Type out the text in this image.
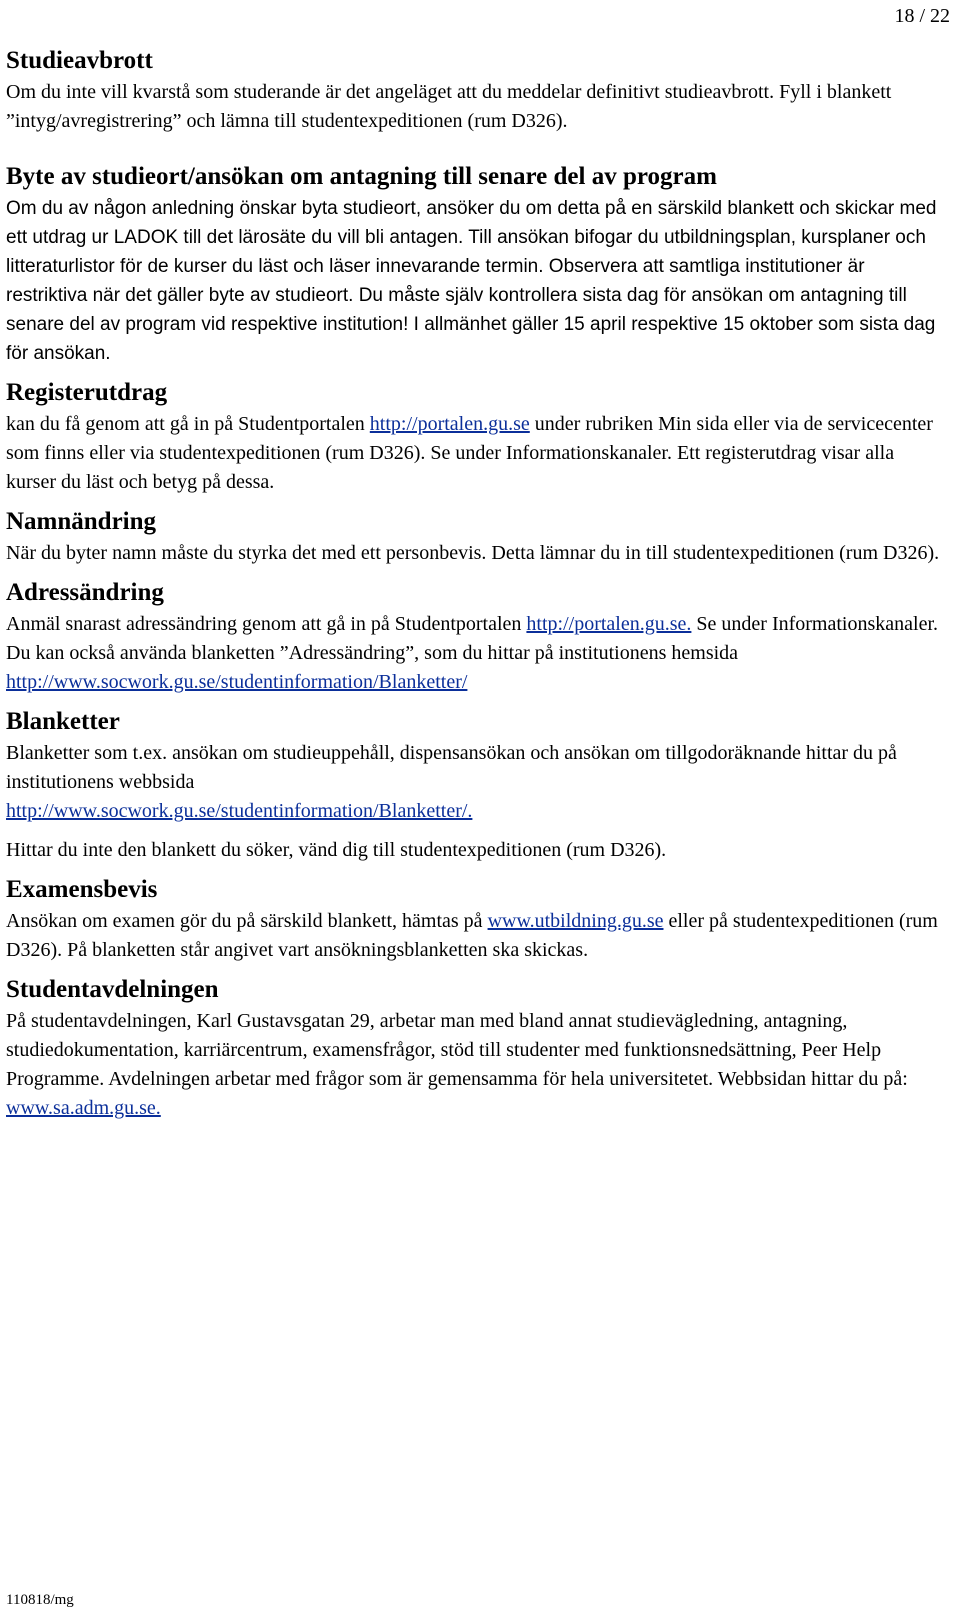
18 / 22
Studieavbrott

Om du inte vill kvarstå som studerande är det angeläget att du meddelar definitivt studieavbrott. Fyll i blankett ”intyg/avregistrering” och lämna till studentexpeditionen (rum D326).

Byte av studieort/ansökan om antagning till senare del av program

Om du av någon anledning önskar byta studieort, ansöker du om detta på en särskild blankett och skickar med ett utdrag ur LADOK till det lärosäte du vill bli antagen. Till ansökan bifogar du utbildningsplan, kursplaner och litteraturlistor för de kurser du läst och läser innevarande termin. Observera att samtliga institutioner är restriktiva när det gäller byte av studieort. Du måste själv kontrollera sista dag för ansökan om antagning till senare del av program vid respektive institution! I allmänhet gäller 15 april respektive 15 oktober som sista dag för ansökan.

Registerutdrag

kan du få genom att gå in på Studentportalen http://portalen.gu.se under rubriken Min sida eller via de servicecenter som finns eller via studentexpeditionen (rum D326). Se under Informationskanaler. Ett registerutdrag visar alla kurser du läst och betyg på dessa.

Namnändring

När du byter namn måste du styrka det med ett personbevis. Detta lämnar du in till studentexpeditionen (rum D326).

Adressändring

Anmäl snarast adressändring genom att gå in på Studentportalen http://portalen.gu.se. Se under Informationskanaler. Du kan också använda blanketten ”Adressändring”, som du hittar på institutionens hemsida
http://www.socwork.gu.se/studentinformation/Blanketter/

Blanketter

Blanketter som t.ex. ansökan om studieuppehåll, dispensansökan och ansökan om tillgodoräknande hittar du på institutionens webbsida
http://www.socwork.gu.se/studentinformation/Blanketter/.

Hittar du inte den blankett du söker, vänd dig till studentexpeditionen (rum D326).

Examensbevis

Ansökan om examen gör du på särskild blankett, hämtas på www.utbildning.gu.se eller på studentexpeditionen (rum D326). På blanketten står angivet vart ansökningsblanketten ska skickas.

Studentavdelningen

På studentavdelningen, Karl Gustavsgatan 29, arbetar man med bland annat studievägledning, antagning, studiedokumentation, karriärcentrum, examensfrågor, stöd till studenter med funktionsnedsättning, Peer Help Programme. Avdelningen arbetar med frågor som är gemensamma för hela universitetet. Webbsidan hittar du på: www.sa.adm.gu.se.

110818/mg
